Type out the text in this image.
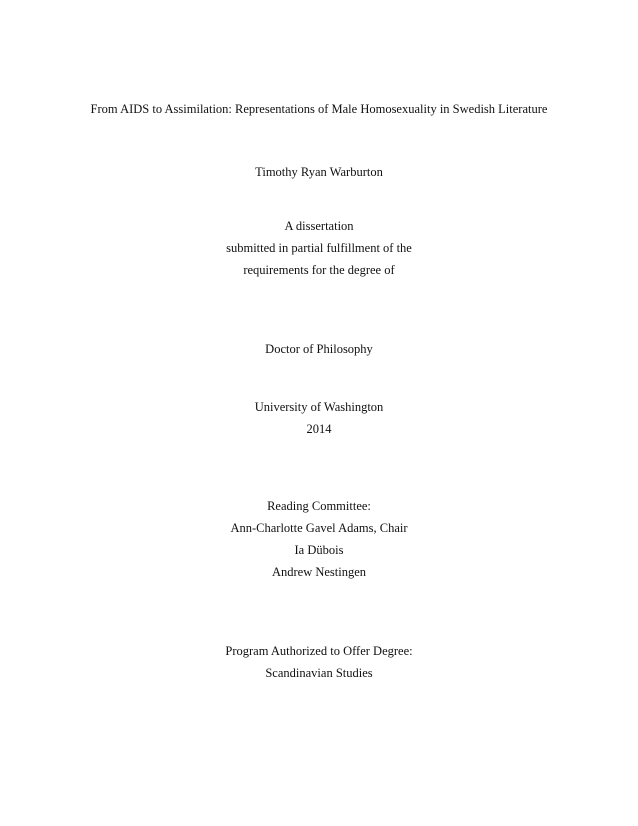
From AIDS to Assimilation: Representations of Male Homosexuality in Swedish Literature
Timothy Ryan Warburton
A dissertation
submitted in partial fulfillment of the
requirements for the degree of
Doctor of Philosophy
University of Washington
2014
Reading Committee:
Ann-Charlotte Gavel Adams, Chair
Ia Dübois
Andrew Nestingen
Program Authorized to Offer Degree:
Scandinavian Studies
